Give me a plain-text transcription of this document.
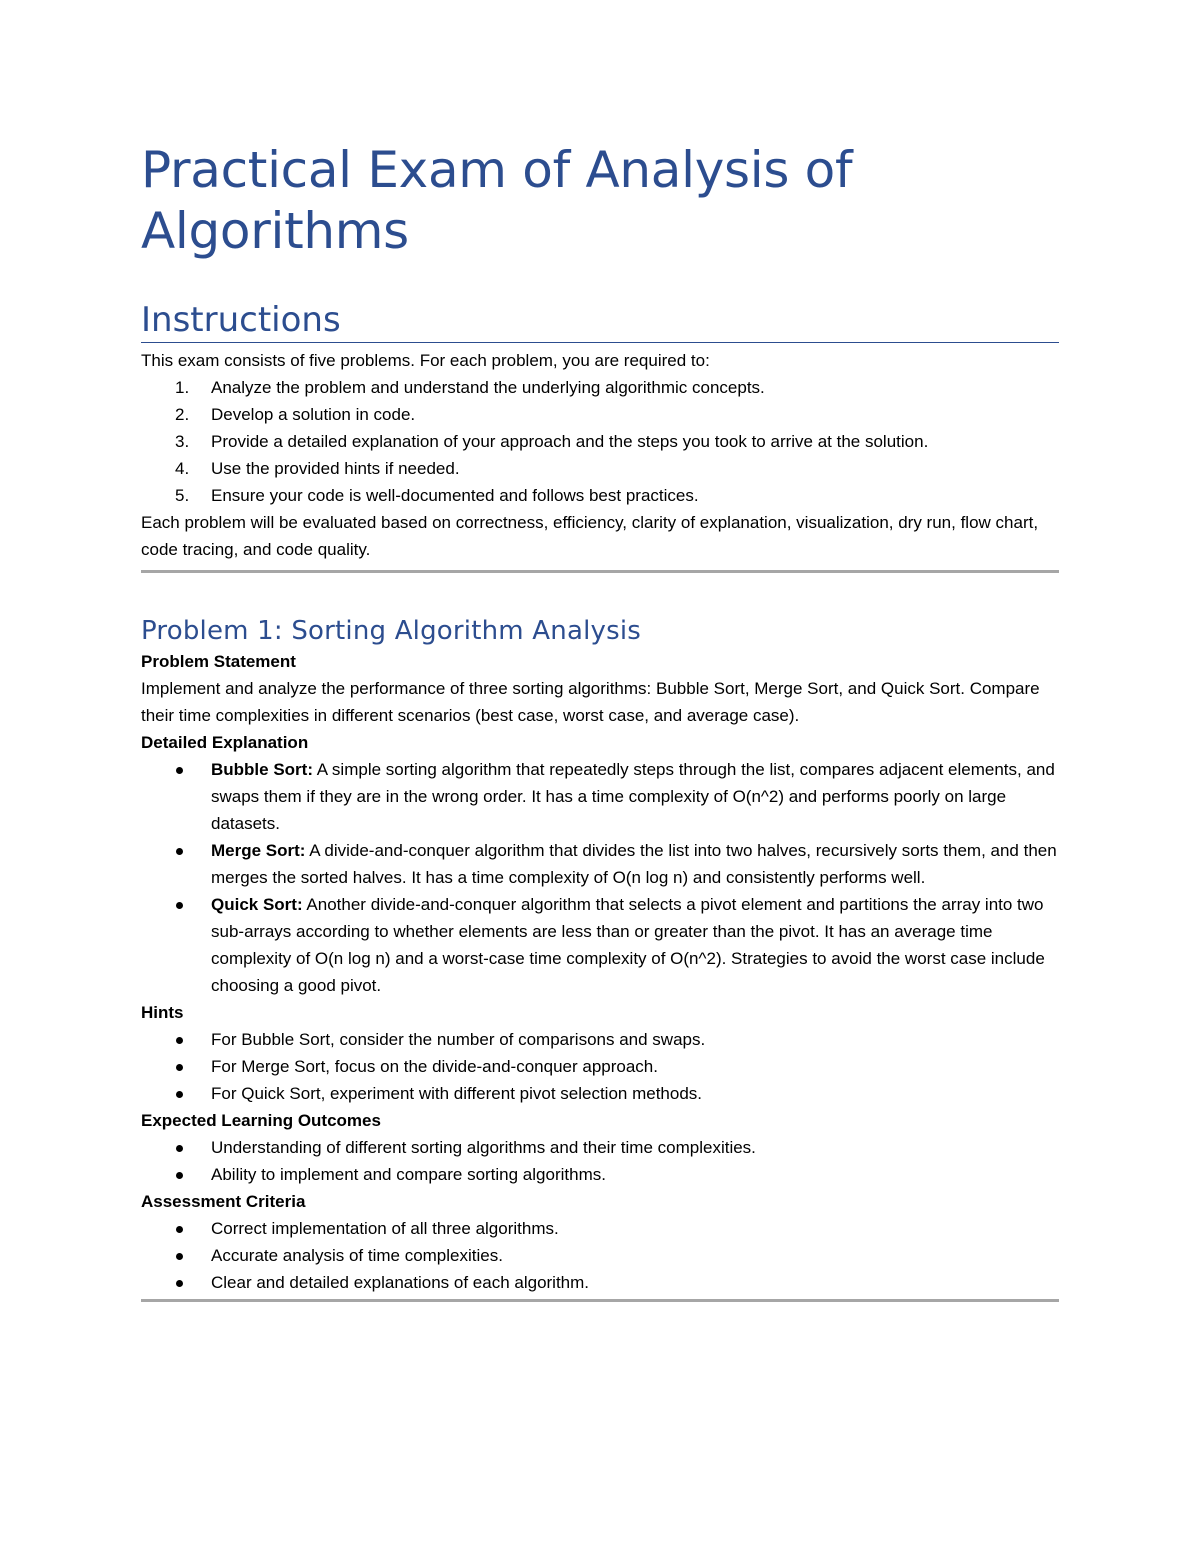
Practical Exam of Analysis of
Algorithms
Instructions

This exam consists of five problems. For each problem, you are required to:

1. Analyze the problem and understand the underlying algorithmic concepts.
2. Develop a solution in code.
3. Provide a detailed explanation of your approach and the steps you took to arrive at the solution.
4. Use the provided hints if needed.
5. Ensure your code is well-documented and follows best practices.

Each problem will be evaluated based on correctness, efficiency, clarity of explanation, visualization, dry run, flow chart, code tracing, and code quality.

Problem 1: Sorting Algorithm Analysis
Problem Statement

Implement and analyze the performance of three sorting algorithms: Bubble Sort, Merge Sort, and Quick Sort. Compare their time complexities in different scenarios (best case, worst case, and average case).

Detailed Explanation
Bubble Sort: A simple sorting algorithm that repeatedly steps through the list, compares adjacent elements, and swaps them if they are in the wrong order. It has a time complexity of O(n^2) and performs poorly on large datasets.
Merge Sort: A divide-and-conquer algorithm that divides the list into two halves, recursively sorts them, and then merges the sorted halves. It has a time complexity of O(n log n) and consistently performs well.
Quick Sort: Another divide-and-conquer algorithm that selects a pivot element and partitions the array into two sub-arrays according to whether elements are less than or greater than the pivot. It has an average time complexity of O(n log n) and a worst-case time complexity of O(n^2). Strategies to avoid the worst case include choosing a good pivot.
Hints
For Bubble Sort, consider the number of comparisons and swaps.
For Merge Sort, focus on the divide-and-conquer approach.
For Quick Sort, experiment with different pivot selection methods.
Expected Learning Outcomes
Understanding of different sorting algorithms and their time complexities.
Ability to implement and compare sorting algorithms.
Assessment Criteria
Correct implementation of all three algorithms.
Accurate analysis of time complexities.
Clear and detailed explanations of each algorithm.
